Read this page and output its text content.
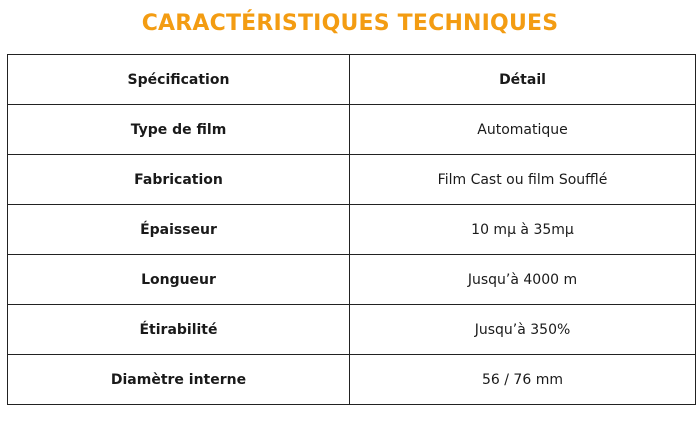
CARACTÉRISTIQUES TECHNIQUES
Spécification	Détail
Type de film	Automatique
Fabrication	Film Cast ou film Soufflé
Épaisseur	10 mµ à 35mµ
Longueur	Jusqu’à 4000 m
Étirabilité	Jusqu’à 350%
Diamètre interne	56 / 76 mm
